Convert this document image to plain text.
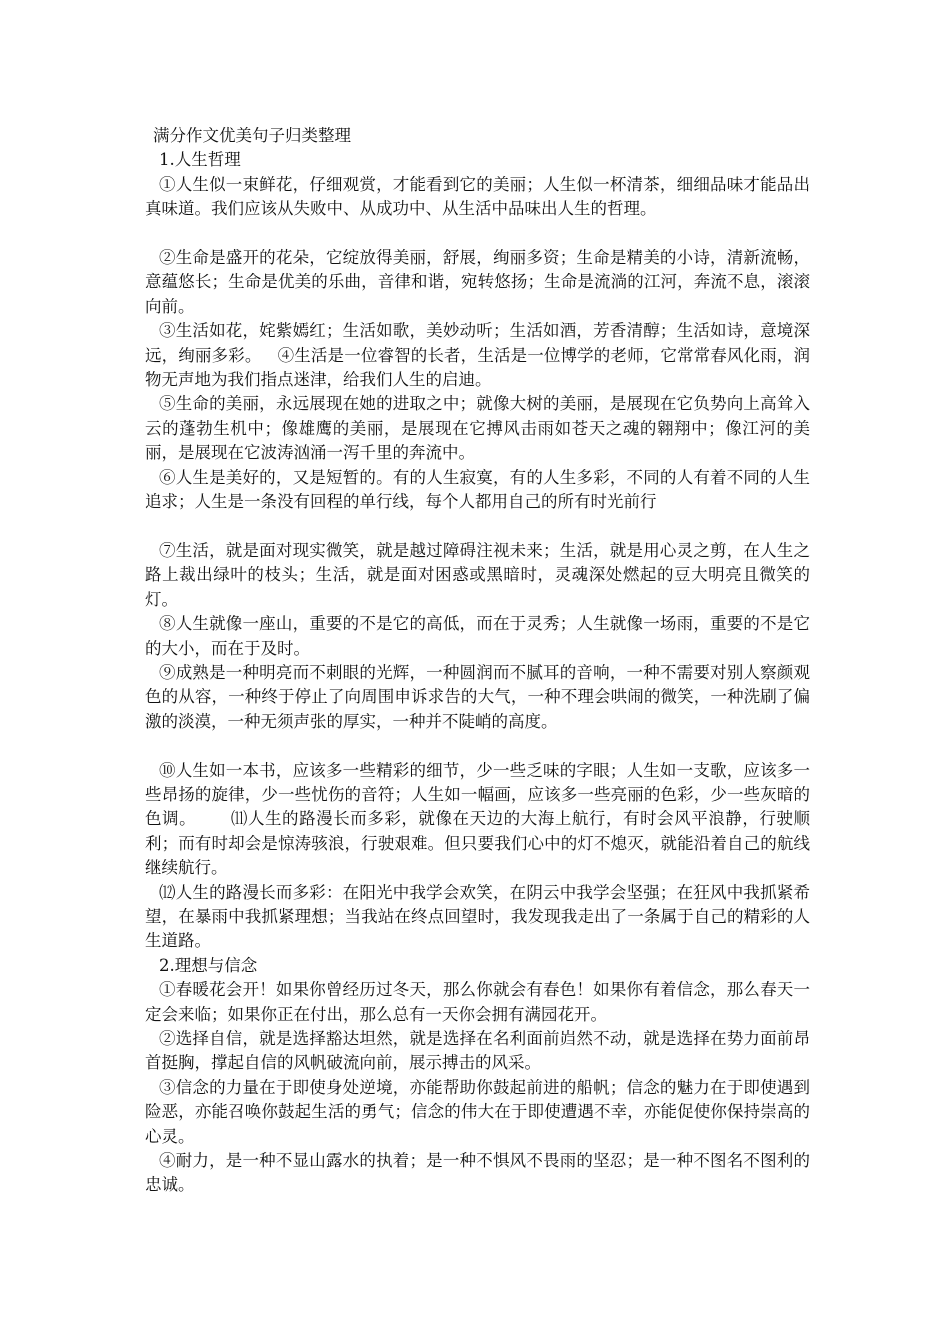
满分作文优美句子归类整理

1.人生哲理

①人生似一束鲜花，仔细观赏，才能看到它的美丽；人生似一杯清茶，细细品味才能品出真味道。我们应该从失败中、从成功中、从生活中品味出人生的哲理。

②生命是盛开的花朵，它绽放得美丽，舒展，绚丽多资；生命是精美的小诗，清新流畅，意蕴悠长；生命是优美的乐曲，音律和谐，宛转悠扬；生命是流淌的江河，奔流不息，滚滚向前。

③生活如花，姹紫嫣红；生活如歌，美妙动听；生活如酒，芳香清醇；生活如诗，意境深远，绚丽多彩。   ④生活是一位睿智的长者，生活是一位博学的老师，它常常春风化雨，润物无声地为我们指点迷津，给我们人生的启迪。

⑤生命的美丽，永远展现在她的进取之中；就像大树的美丽，是展现在它负势向上高耸入云的蓬勃生机中；像雄鹰的美丽，是展现在它搏风击雨如苍天之魂的翱翔中；像江河的美丽，是展现在它波涛汹涌一泻千里的奔流中。

⑥人生是美好的，又是短暂的。有的人生寂寞，有的人生多彩，不同的人有着不同的人生追求；人生是一条没有回程的单行线，每个人都用自己的所有时光前行

⑦生活，就是面对现实微笑，就是越过障碍注视未来；生活，就是用心灵之剪，在人生之路上裁出绿叶的枝头；生活，就是面对困惑或黑暗时，灵魂深处燃起的豆大明亮且微笑的灯。

⑧人生就像一座山，重要的不是它的高低，而在于灵秀；人生就像一场雨，重要的不是它的大小，而在于及时。

⑨成熟是一种明亮而不刺眼的光辉，一种圆润而不腻耳的音响，一种不需要对别人察颜观色的从容，一种终于停止了向周围申诉求告的大气，一种不理会哄闹的微笑，一种洗刷了偏激的淡漠，一种无须声张的厚实，一种并不陡峭的高度。

⑩人生如一本书，应该多一些精彩的细节，少一些乏味的字眼；人生如一支歌，应该多一些昂扬的旋律，少一些忧伤的音符；人生如一幅画，应该多一些亮丽的色彩，少一些灰暗的色调。      ⑾人生的路漫长而多彩，就像在天边的大海上航行，有时会风平浪静，行驶顺利；而有时却会是惊涛骇浪，行驶艰难。但只要我们心中的灯不熄灭，就能沿着自己的航线继续航行。

⑿人生的路漫长而多彩：在阳光中我学会欢笑，在阴云中我学会坚强；在狂风中我抓紧希望，在暴雨中我抓紧理想；当我站在终点回望时，我发现我走出了一条属于自己的精彩的人生道路。

2.理想与信念

①春暖花会开！如果你曾经历过冬天，那么你就会有春色！如果你有着信念，那么春天一定会来临；如果你正在付出，那么总有一天你会拥有满园花开。

②选择自信，就是选择豁达坦然，就是选择在名利面前岿然不动，就是选择在势力面前昂首挺胸，撑起自信的风帆破流向前，展示搏击的风采。

③信念的力量在于即使身处逆境，亦能帮助你鼓起前进的船帆；信念的魅力在于即使遇到险恶，亦能召唤你鼓起生活的勇气；信念的伟大在于即使遭遇不幸，亦能促使你保持崇高的心灵。

④耐力，是一种不显山露水的执着；是一种不惧风不畏雨的坚忍；是一种不图名不图利的忠诚。
